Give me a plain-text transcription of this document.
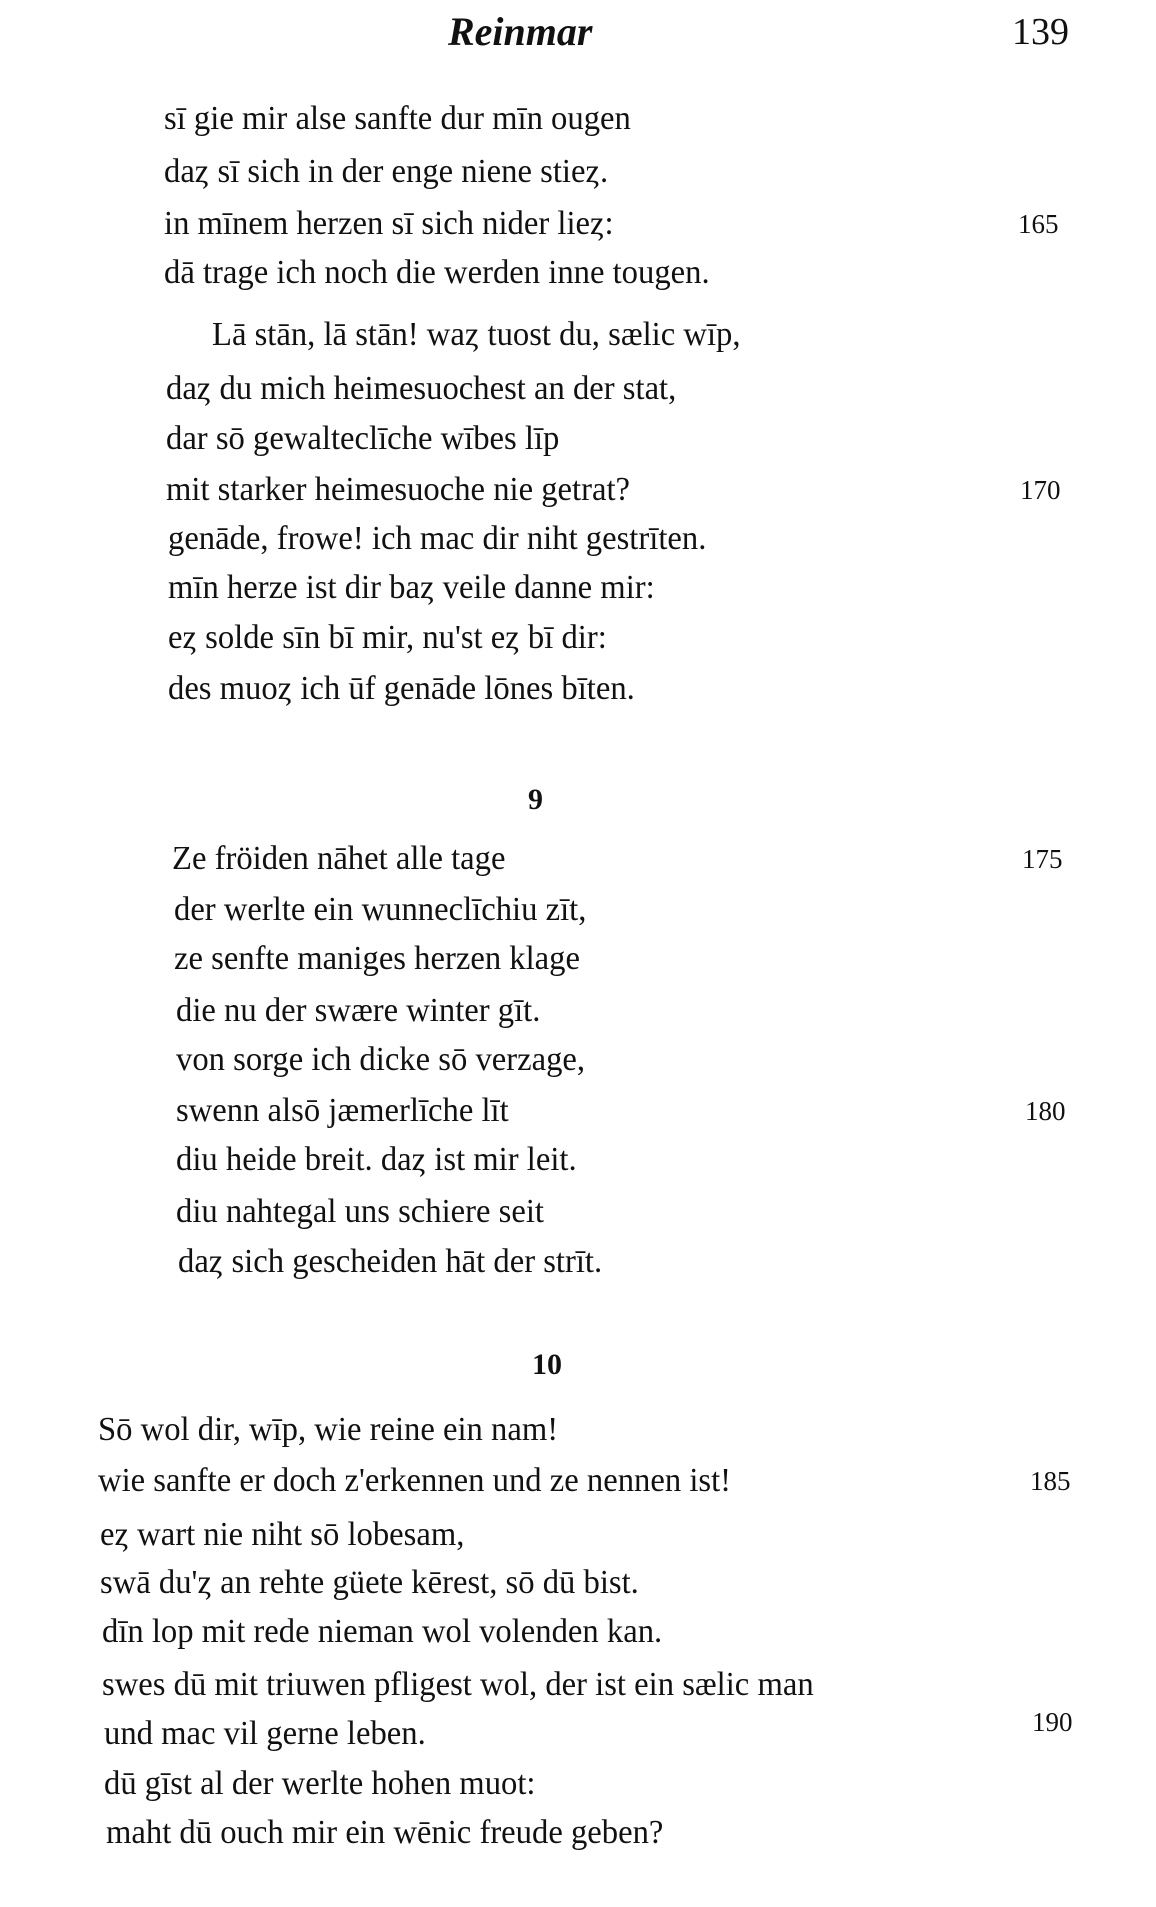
Reinmar	139
sī gie mir alse sanfte dur mīn ougen
daȥ sī sich in der enge niene stieȥ.
in mīnem herzen sī sich nider lieȥ:
dā trage ich noch die werden inne tougen.
165
Lā stān, lā stān! waȥ tuost du, sælic wīp,
daȥ du mich heimesuochest an der stat,
dar sō gewalteclīche wībes līp
mit starker heimesuoche nie getrat?
genāde, frowe! ich mac dir niht gestrīten.
mīn herze ist dir baȥ veile danne mir:
eȥ solde sīn bī mir, nu'st eȥ bī dir:
des muoȥ ich ūf genāde lōnes bīten.
170
9
Ze fröiden nāhet alle tage
der werlte ein wunneclīchiu zīt,
ze senfte maniges herzen klage
die nu der swære winter gīt.
von sorge ich dicke sō verzage,
swenn alsō jæmerlīche līt
diu heide breit. daȥ ist mir leit.
diu nahtegal uns schiere seit
daȥ sich gescheiden hāt der strīt.
175
180
10
Sō wol dir, wīp, wie reine ein nam!
wie sanfte er doch z'erkennen und ze nennen ist!
eȥ wart nie niht sō lobesam,
swā du'ȥ an rehte güete kērest, sō dū bist.
dīn lop mit rede nieman wol volenden kan.
swes dū mit triuwen pfligest wol, der ist ein sælic man
und mac vil gerne leben.
dū gīst al der werlte hohen muot:
maht dū ouch mir ein wēnic freude geben?
185
190
